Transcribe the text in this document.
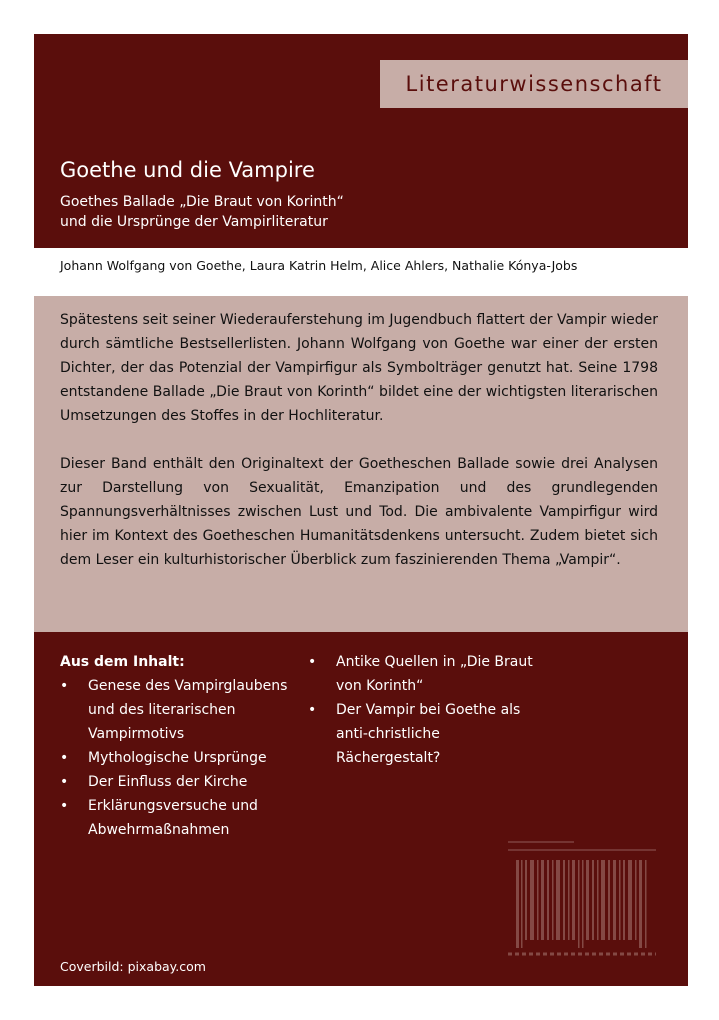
Literaturwissenschaft
Goethe und die Vampire
Goethes Ballade „Die Braut von Korinth“
und die Ursprünge der Vampirliteratur
Johann Wolfgang von Goethe, Laura Katrin Helm, Alice Ahlers, Nathalie Kónya-Jobs

Spätestens seit seiner Wiederauferstehung im Jugendbuch flattert der Vampir wieder durch sämtliche Bestsellerlisten. Johann Wolfgang von Goethe war einer der ersten Dichter, der das Potenzial der Vampirfigur als Symbolträger genutzt hat. Seine 1798 entstandene Ballade „Die Braut von Korinth“ bildet eine der wichtigsten literarischen Umsetzungen des Stoffes in der Hochliteratur.

Dieser Band enthält den Originaltext der Goetheschen Ballade sowie drei Analysen zur Darstellung von Sexualität, Emanzipation und des grundlegenden Spannungsverhältnisses zwischen Lust und Tod. Die ambivalente Vampirfigur wird hier im Kontext des Goetheschen Humanitätsdenkens untersucht. Zudem bietet sich dem Leser ein kulturhistorischer Überblick zum faszinierenden Thema „Vampir“.

Aus dem Inhalt:
• Genese des Vampirglaubens und des literarischen Vampirmotivs
• Mythologische Ursprünge
• Der Einfluss der Kirche
• Erklärungsversuche und Abwehrmaßnahmen
• Antike Quellen in „Die Braut von Korinth“
• Der Vampir bei Goethe als anti-christliche Rächergestalt?
Coverbild: pixabay.com
